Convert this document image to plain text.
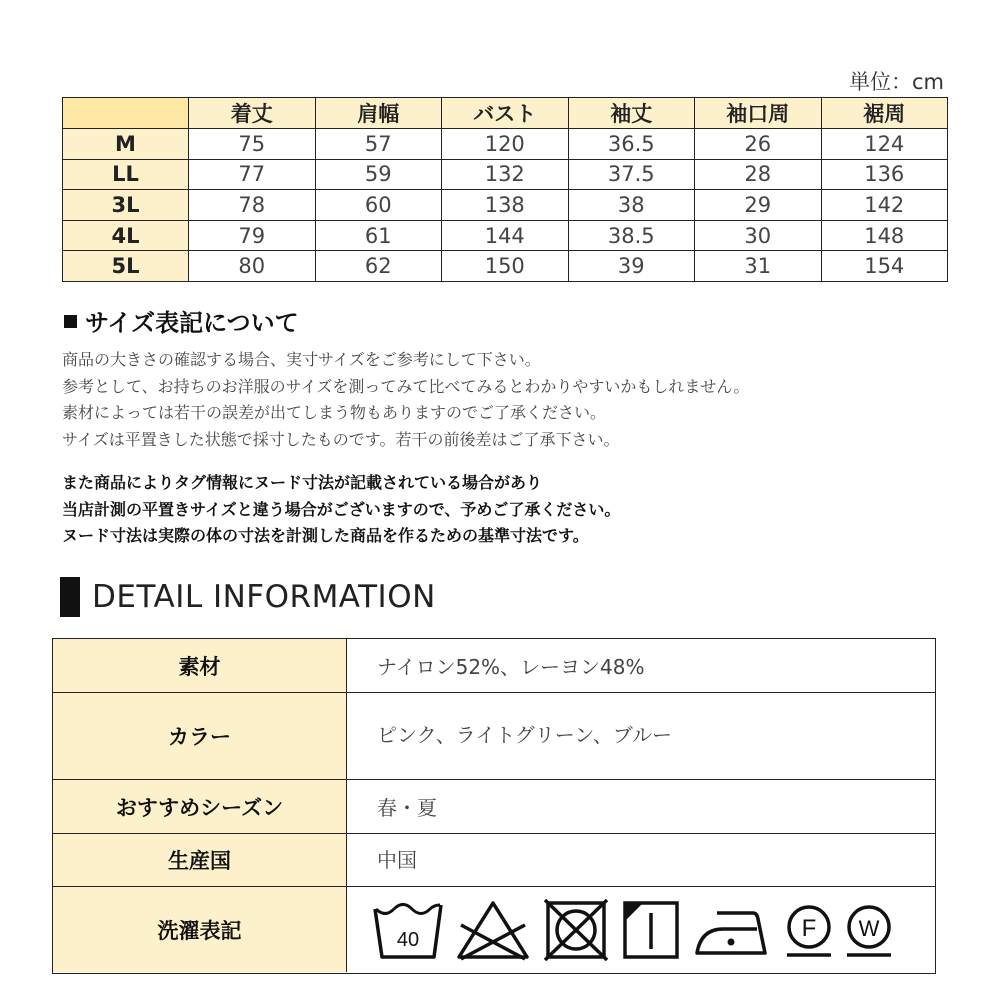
単位：cm
	着丈	肩幅	バスト	袖丈	袖口周	裾周
M	75	57	120	36.5	26	124
LL	77	59	132	37.5	28	136
3L	78	60	138	38	29	142
4L	79	61	144	38.5	30	148
5L	80	62	150	39	31	154
サイズ表記について

商品の大きさの確認する場合、実寸サイズをご参考にして下さい。

参考として、お持ちのお洋服のサイズを測ってみて比べてみるとわかりやすいかもしれません。

素材によっては若干の誤差が出てしまう物もありますのでご了承ください。

サイズは平置きした状態で採寸したものです。若干の前後差はご了承下さい。

また商品によりタグ情報にヌード寸法が記載されている場合があり

当店計測の平置きサイズと違う場合がございますので、予めご了承ください。

ヌード寸法は実際の体の寸法を計測した商品を作るための基準寸法です。

DETAIL INFORMATION
素材	ナイロン52%、レーヨン48%
カラー	ピンク、ライトグリーン、ブルー
おすすめシーズン	春・夏
生産国	中国
洗濯表記	40	F W
